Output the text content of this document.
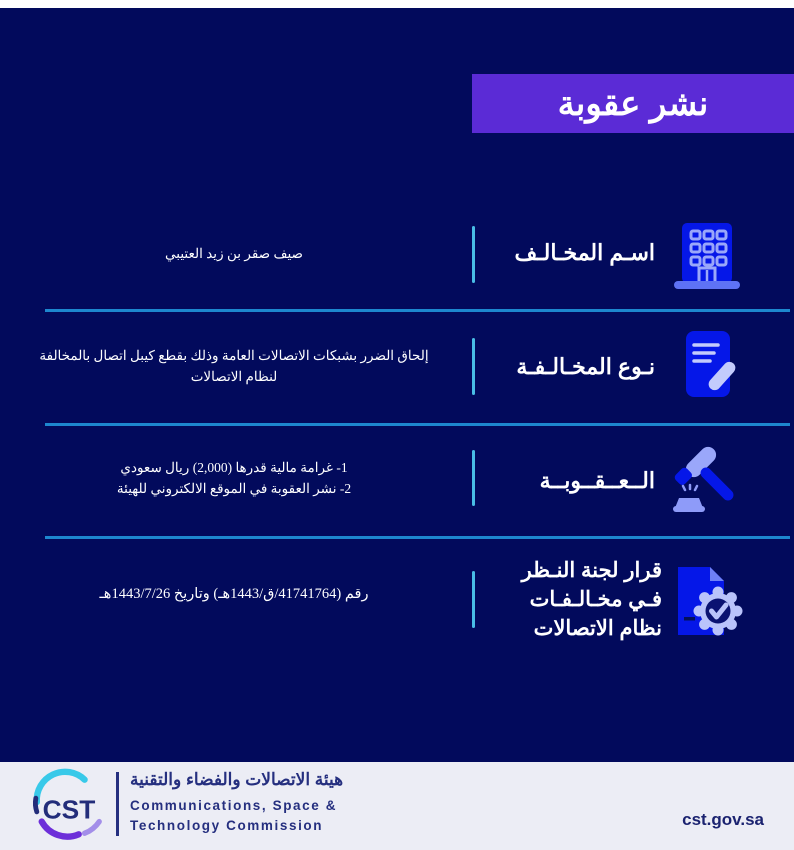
نشر عقوبة
اسـم المخـالـف
صيف صقر بن زيد العتيبي
نـوع المخـالـفـة
إلحاق الضرر بشبكات الاتصالات العامة وذلك بقطع كيبل اتصال بالمخالفة
لنظام الاتصالات
الــعــقــوبــة
1- غرامة مالية قدرها (2,000) ريال سعودي
2- نشر العقوبة في الموقع الالكتروني للهيئة
قرار لجنة النـظر
فـي مخـالـفـات
نظام الاتصالات
رقم (41741764/ق/1443هـ) وتاريخ 1443/7/26هـ
CST
هيئة الاتصالات والفضاء والتقنية
Communications, Space &
Technology Commission	cst.gov.sa
